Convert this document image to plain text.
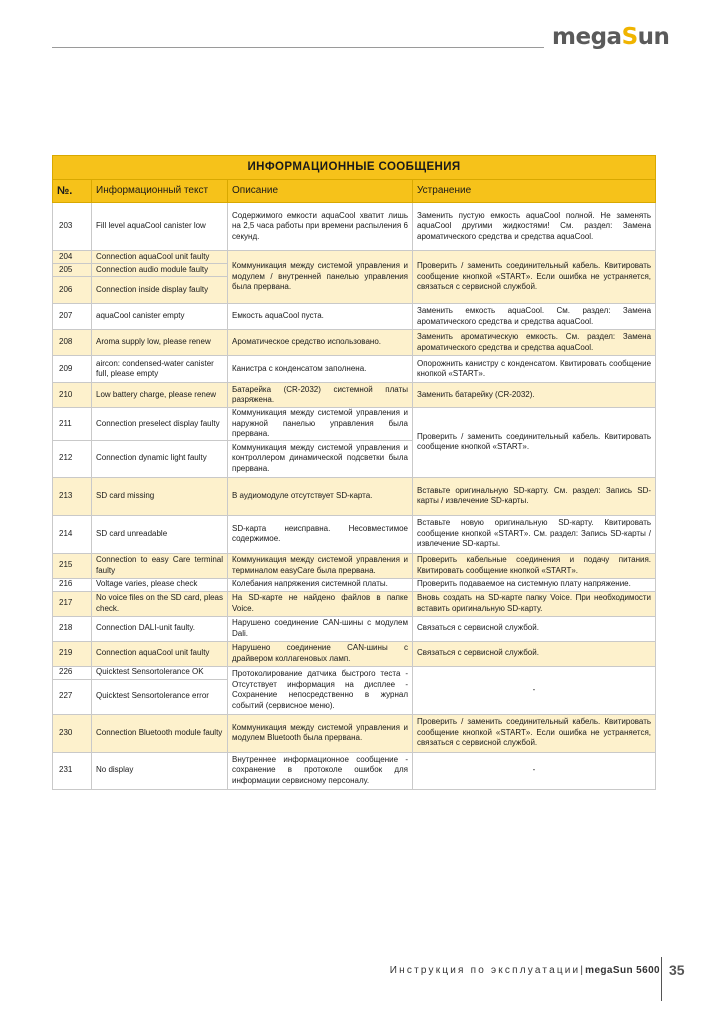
megaSun
ИНФОРМАЦИОННЫЕ СООБЩЕНИЯ			
№.	Информационный текст	Описание	Устранение
203	Fill level aquaCool canister low	Содержимого емкости aquaCool хватит лишь на 2,5 часа работы при времени распыления 6 секунд.	Заменить пустую емкость aquaCool полной. Не заменять aquaCool другими жидкостями! См. раздел: Замена ароматического средства и средства aquaCool.
204	Connection aquaCool unit faulty	Коммуникация между системой управления и модулем / внутренней панелью управления была прервана.	Проверить / заменить соединительный кабель. Квитировать сообщение кнопкой «START». Если ошибка не устраняется, связаться с сервисной службой.
205	Connection audio module faulty		
206	Connection inside display faulty		
207	aquaCool canister empty	Емкость aquaCool пуста.	Заменить емкость aquaCool. См. раздел: Замена ароматического средства и средства aquaCool.
208	Aroma supply low, please renew	Ароматическое средство использовано.	Заменить ароматическую емкость. См. раздел: Замена ароматического средства и средства aquaCool.
209	aircon: condensed-water canister full, please empty	Канистра с конденсатом заполнена.	Опорожнить канистру с конденсатом. Квитировать сообщение кнопкой «START».
210	Low battery charge, please renew	Батарейка (CR-2032) системной платы разряжена.	Заменить батарейку (CR-2032).
211	Connection preselect display faulty	Коммуникация между системой управления и наружной панелью управления была прервана.	Проверить / заменить соединительный кабель. Квитировать сообщение кнопкой «START».
212	Connection dynamic light faulty	Коммуникация между системой управления и контроллером динамической подсветки была прервана.	
213	SD card missing	В аудиомодуле отсутствует SD-карта.	Вставьте оригинальную SD-карту. См. раздел: Запись SD-карты / извлечение SD-карты.
214	SD card unreadable	SD-карта неисправна. Несовместимое содержимое.	Вставьте новую оригинальную SD-карту. Квитировать сообщение кнопкой «START». См. раздел: Запись SD-карты / извлечение SD-карты.
215	Connection to easy Care terminal faulty	Коммуникация между системой управления и терминалом easyCare была прервана.	Проверить кабельные соединения и подачу питания. Квитировать сообщение кнопкой «START».
216	Voltage varies, please check	Колебания напряжения системной платы.	Проверить подаваемое на системную плату напряжение.
217	No voice files on the SD card, pleas check.	На SD-карте не найдено файлов в папке Voice.	Вновь создать на SD-карте папку Voice. При необходимости вставить оригинальную SD-карту.
218	Connection DALI-unit faulty.	Нарушено соединение CAN-шины с модулем Dali.	Связаться с сервисной службой.
219	Connection aquaCool unit faulty	Нарушено соединение CAN-шины с драйвером коллагеновых ламп.	Связаться с сервисной службой.
226	Quicktest Sensortolerance OK	Протоколирование датчика быстрого теста - Отсутствует информация на дисплее - Сохранение непосредственно в журнал событий (сервисное меню).	-
227	Quicktest Sensortolerance error		
230	Connection Bluetooth module faulty	Коммуникация между системой управления и модулем Bluetooth была прервана.	Проверить / заменить соединительный кабель. Квитировать сообщение кнопкой «START». Если ошибка не устраняется, связаться с сервисной службой.
231	No display	Внутреннее информационное сообщение - сохранение в протоколе ошибок для информации сервисному персоналу.	-
Инструкция по эксплуатации|megaSun 5600 35
